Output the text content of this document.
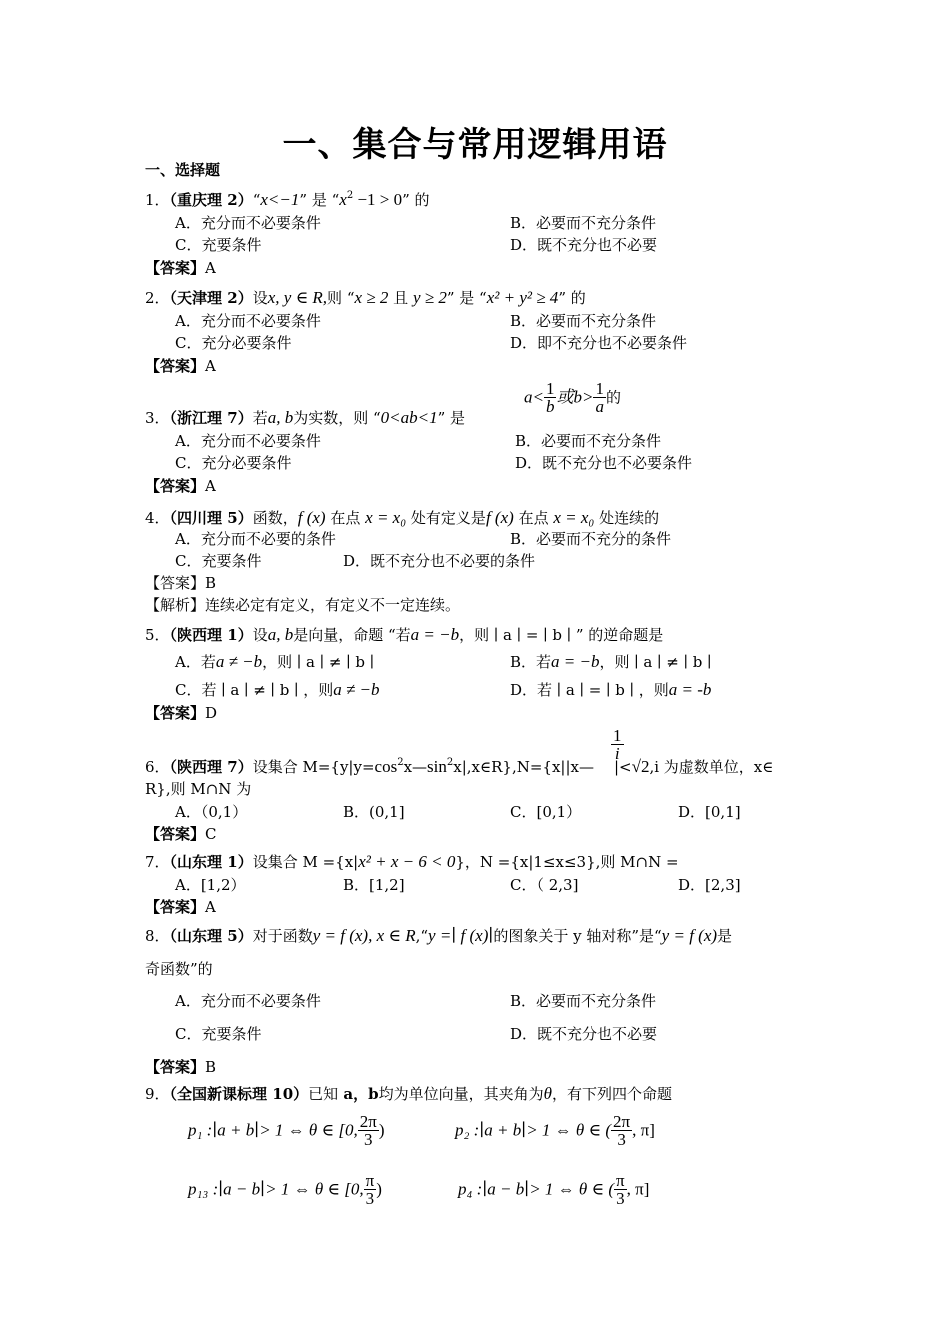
一、集合与常用逻辑用语
一、选择题
1．（重庆理 2）“x<−1” 是 “$x^2 -1 > 0$” 的
A．充分而不必要条件	B．必要而不充分条件
C．充要条件	D．既不充分也不必要
【答案】A
2．（天津理 2）设x, y ∈ R,则 “x ≥ 2 且 y ≥ 2” 是 “x² + y² ≥ 4” 的
A．充分而不必要条件	B．必要而不充分条件
C．充分必要条件	D．即不充分也不必要条件
【答案】A
3．（浙江理 7）若a, b为实数，则 “0<ab<1” 是
$a< \frac{1}{b}$ 或$b> \frac{1}{a}$ 的
A．充分而不必要条件	B．必要而不充分条件
C．充分必要条件	D．既不充分也不必要条件
【答案】A
4．（四川理 5）函数，f (x) 在点 x = x₀ 处有定义是f (x) 在点 x = x₀ 处连续的
A．充分而不必要的条件	B．必要而不充分的条件
C．充要条件	D．既不充分也不必要的条件
【答案】B
【解析】连续必定有定义，有定义不一定连续。
5．（陕西理 1）设a, b是向量，命题 “若a = −b，则 ∣ a ∣ = ∣ b ∣ ” 的逆命题是
A．若a ≠ −b，则 ∣ a ∣ ≠ ∣ b ∣	B．若a = −b，则 ∣ a ∣ ≠ ∣ b ∣
C．若 ∣ a ∣ ≠ ∣ b ∣ ，则a ≠ −b	D．若 ∣ a ∣ = ∣ b ∣ ，则a = -b
【答案】D
$\frac{1}{i}$
6．（陕西理 7）设集合 $M=\{y|y=\cos^2x—\sin^2x|,x\in R\},N=\{x||x—$ |<√2,i 为虚数单位，x∈
R},则 M∩N 为
A．（0,1）	B．(0,1]	C．[0,1）	D．[0,1]
【答案】C
7．（山东理 1）设集合 M ={x|x² + x − 6 < 0}，N ={x|1≤x≤3},则 M∩N =
A．[1,2）	B．[1,2]	C．（ 2,3]	D．[2,3]
【答案】A
8．（山东理 5）对于函数y = f (x), x ∈ R,“y =∣ f (x)∣的图象关于 y 轴对称”是“y = f (x)是
奇函数”的
A．充分而不必要条件	B．必要而不充分条件
C．充要条件	D．既不充分也不必要
【答案】B
9．（全国新课标理 10）已知 a，b均为单位向量，其夹角为θ，有下列四个命题
p₁ :∣a + b∣> 1 ⇔ θ ∈ [0, $\frac{2\pi}{3}$ )	p₂ :∣a + b∣> 1 ⇔ θ ∈ ( $\frac{2\pi}{3}$ , π]
p₁₃ :∣a − b∣> 1 ⇔ θ ∈ [0, $\frac{\pi}{3}$ )	p₄ :∣a − b∣> 1 ⇔ θ ∈ ( $\frac{\pi}{3}$ , π]
